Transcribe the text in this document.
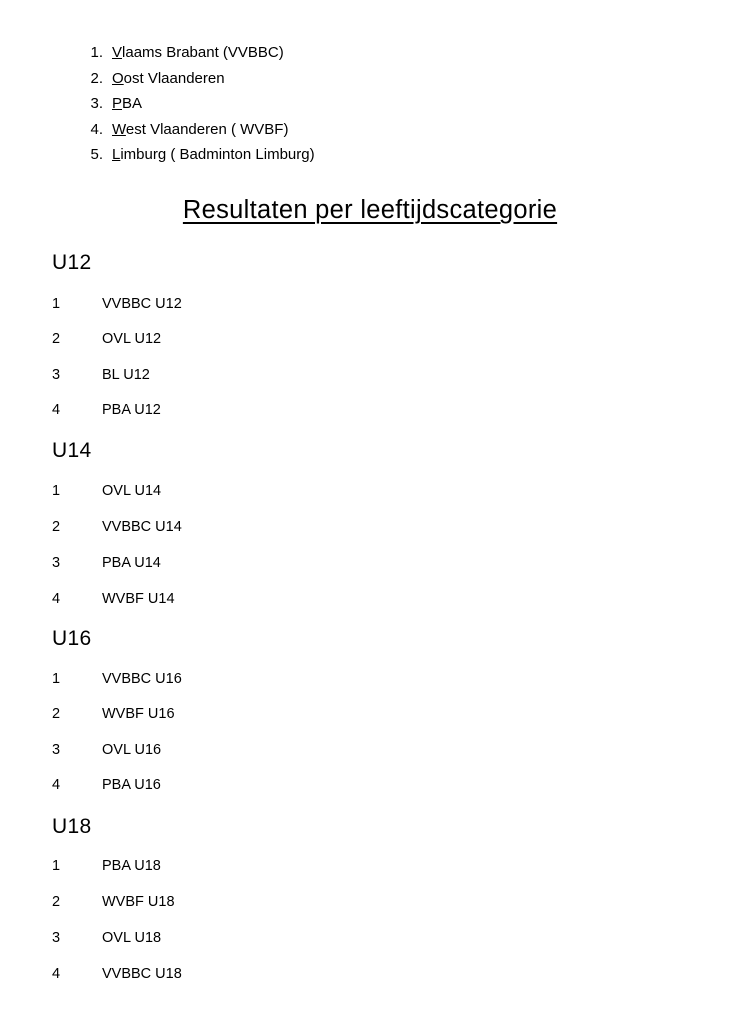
1. Vlaams Brabant (VVBBC)
2. Oost Vlaanderen
3. PBA
4. West Vlaanderen ( WVBF)
5. Limburg ( Badminton Limburg)
Resultaten per leeftijdscategorie
U12
1	VVBBC U12
2	OVL U12
3	BL U12
4	PBA U12
U14
1	OVL U14
2	VVBBC U14
3	PBA U14
4	WVBF U14
U16
1	VVBBC U16
2	WVBF U16
3	OVL U16
4	PBA U16
U18
1	PBA U18
2	WVBF U18
3	OVL U18
4	VVBBC U18
